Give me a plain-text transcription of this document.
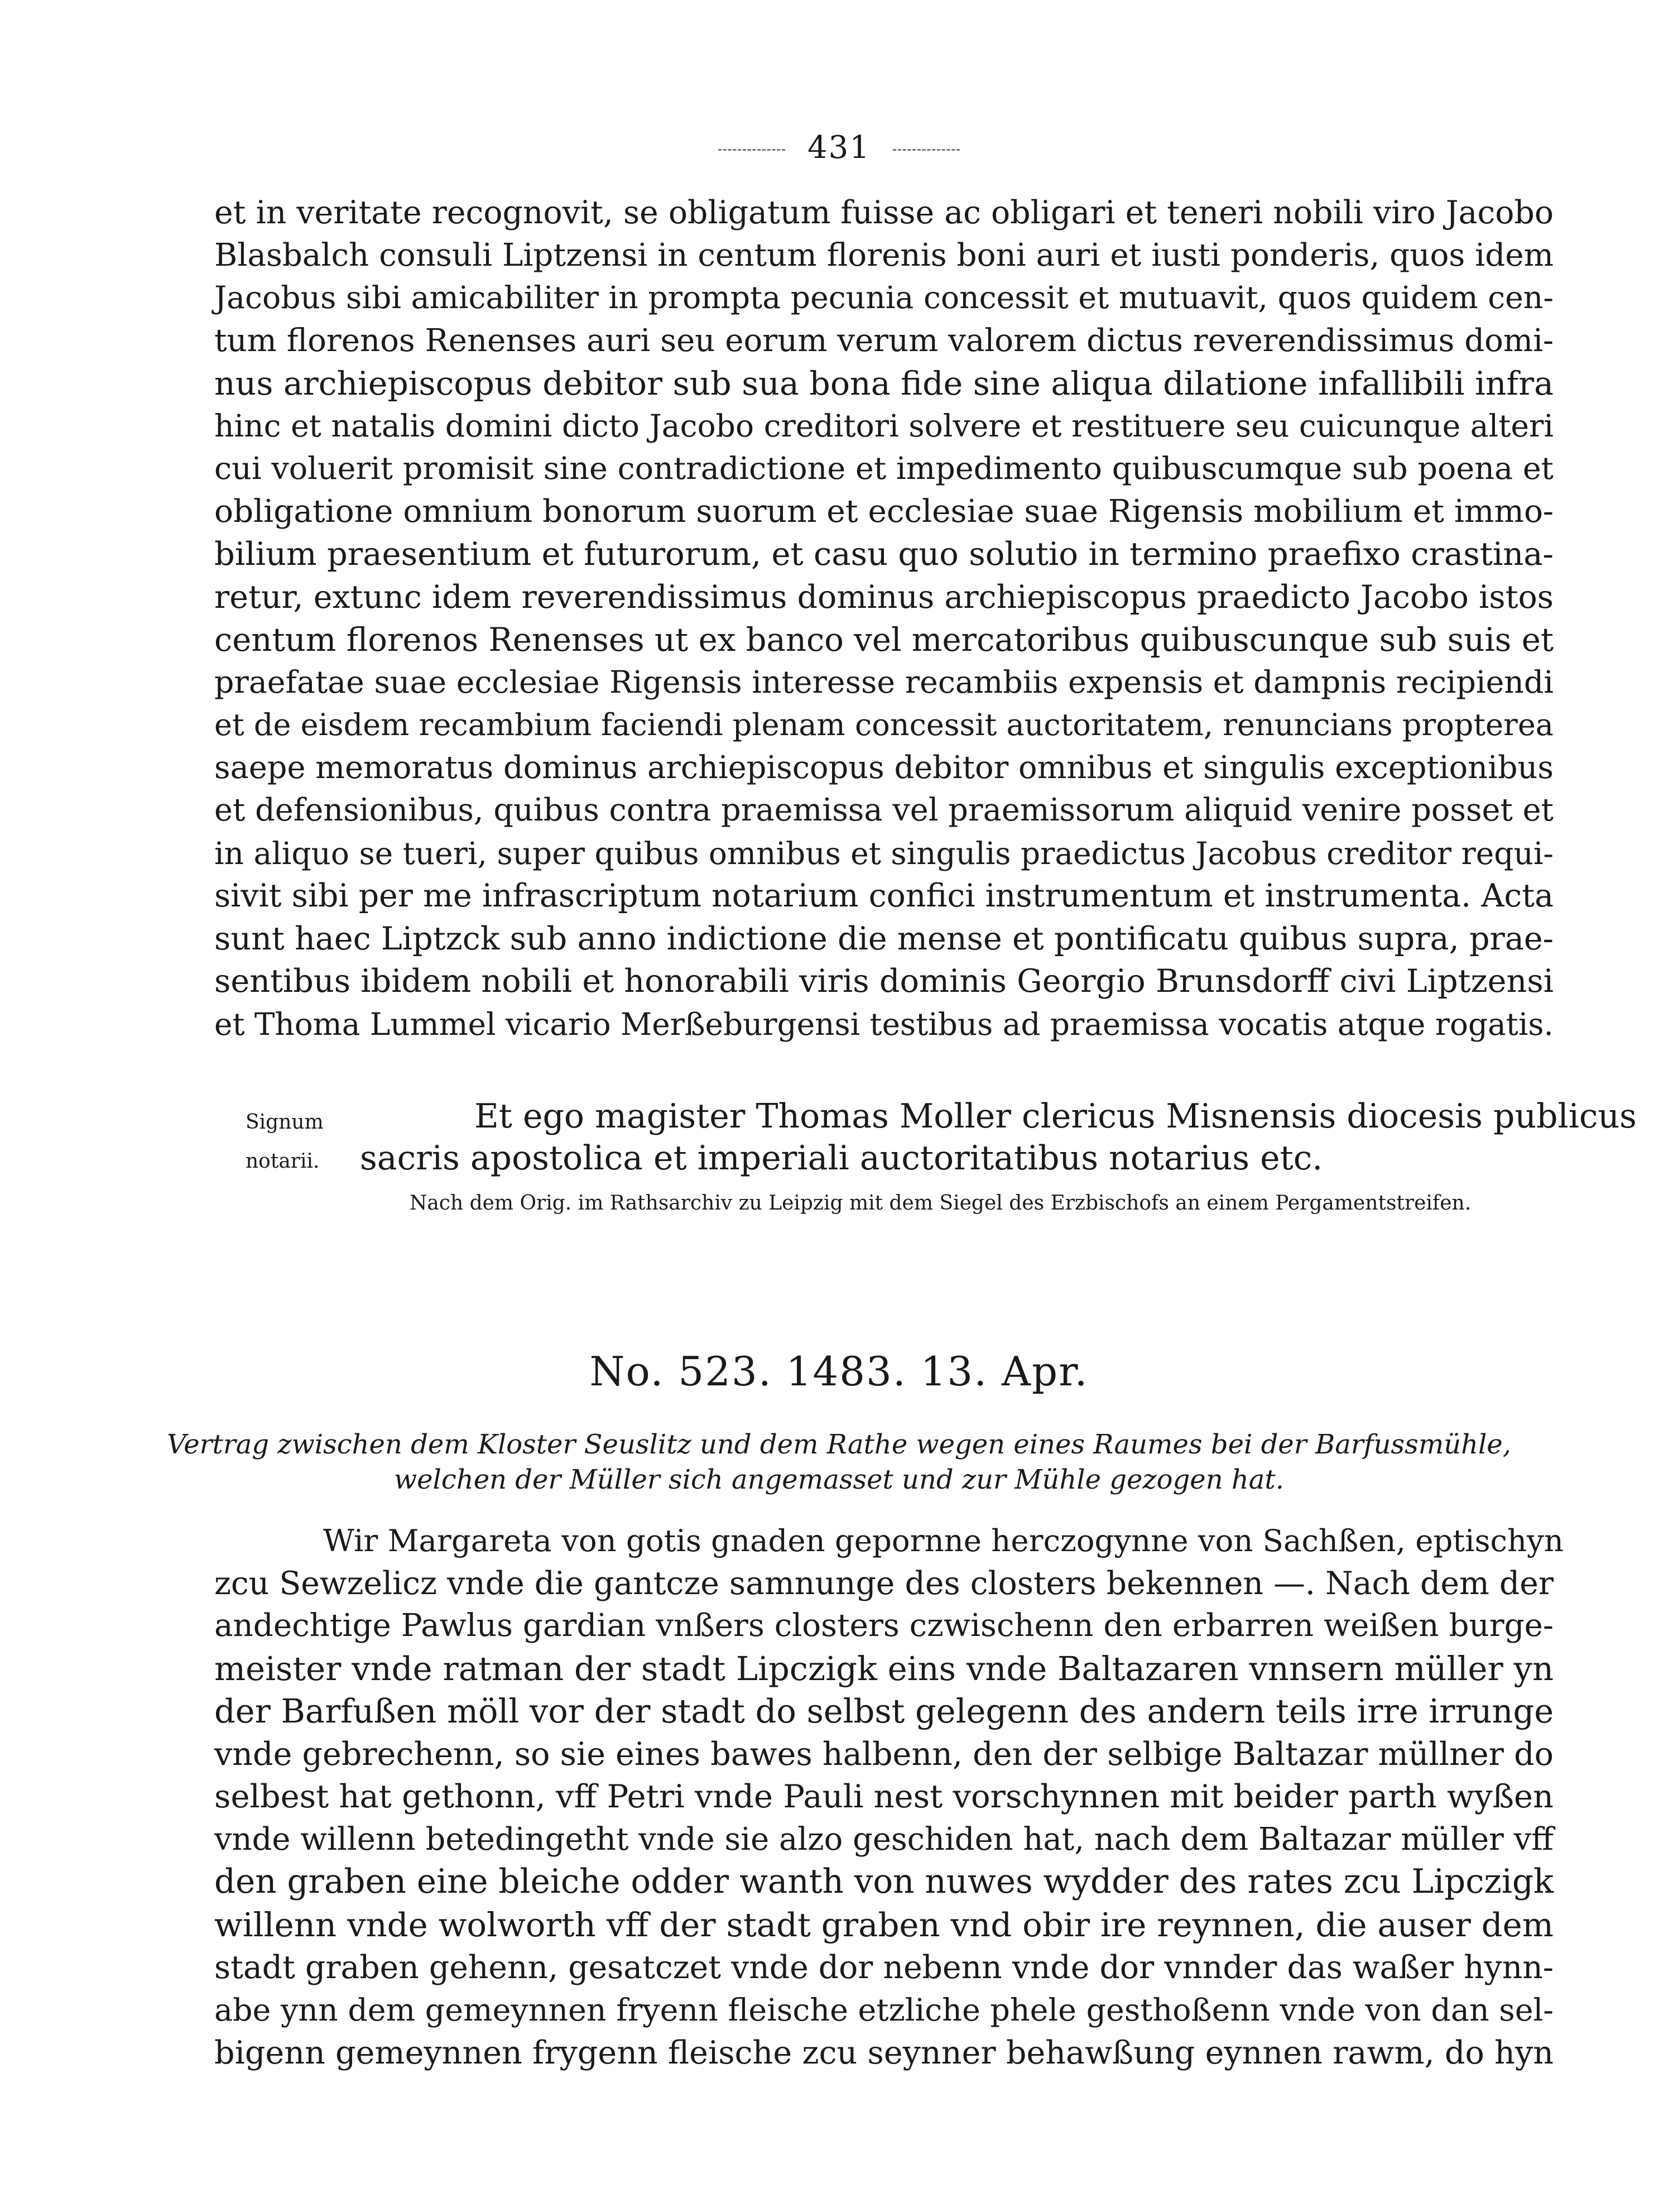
431
et in veritate recognovit, se obligatum fuisse ac obligari et teneri nobili viro Jacobo
Blasbalch consuli Liptzensi in centum florenis boni auri et iusti ponderis, quos idem
Jacobus sibi amicabiliter in prompta pecunia concessit et mutuavit, quos quidem cen-
tum florenos Renenses auri seu eorum verum valorem dictus reverendissimus domi-
nus archiepiscopus debitor sub sua bona fide sine aliqua dilatione infallibili infra
hinc et natalis domini dicto Jacobo creditori solvere et restituere seu cuicunque alteri
cui voluerit promisit sine contradictione et impedimento quibuscumque sub poena et
obligatione omnium bonorum suorum et ecclesiae suae Rigensis mobilium et immo-
bilium praesentium et futurorum, et casu quo solutio in termino praefixo crastina-
retur, extunc idem reverendissimus dominus archiepiscopus praedicto Jacobo istos
centum florenos Renenses ut ex banco vel mercatoribus quibuscunque sub suis et
praefatae suae ecclesiae Rigensis interesse recambiis expensis et dampnis recipiendi
et de eisdem recambium faciendi plenam concessit auctoritatem, renuncians propterea
saepe memoratus dominus archiepiscopus debitor omnibus et singulis exceptionibus
et defensionibus, quibus contra praemissa vel praemissorum aliquid venire posset et
in aliquo se tueri, super quibus omnibus et singulis praedictus Jacobus creditor requi-
sivit sibi per me infrascriptum notarium confici instrumentum et instrumenta. Acta
sunt haec Liptzck sub anno indictione die mense et pontificatu quibus supra, prae-
sentibus ibidem nobili et honorabili viris dominis Georgio Brunsdorff civi Liptzensi
et Thoma Lummel vicario Merßeburgensi testibus ad praemissa vocatis atque rogatis.
Signum	Et ego magister Thomas Moller clericus Misnensis diocesis publicus
notarii. sacris apostolica et imperiali auctoritatibus notarius etc.
Nach dem Orig. im Rathsarchiv zu Leipzig mit dem Siegel des Erzbischofs an einem Pergamentstreifen.
No. 523. 1483. 13. Apr.
Vertrag zwischen dem Kloster Seuslitz und dem Rathe wegen eines Raumes bei der Barfussmühle,
welchen der Müller sich angemasset und zur Mühle gezogen hat.
Wir Margareta von gotis gnaden gepornne herczogynne von Sachßen, eptischyn
zcu Sewzelicz vnde die gantcze samnunge des closters bekennen —. Nach dem der
andechtige Pawlus gardian vnßers closters czwischenn den erbarren weißen burge-
meister vnde ratman der stadt Lipczigk eins vnde Baltazaren vnnsern müller yn
der Barfußen möll vor der stadt do selbst gelegenn des andern teils irre irrunge
vnde gebrechenn, so sie eines bawes halbenn, den der selbige Baltazar müllner do
selbest hat gethonn, vff Petri vnde Pauli nest vorschynnen mit beider parth wyßen
vnde willenn betedingetht vnde sie alzo geschiden hat, nach dem Baltazar müller vff
den graben eine bleiche odder wanth von nuwes wydder des rates zcu Lipczigk
willenn vnde wolworth vff der stadt graben vnd obir ire reynnen, die auser dem
stadt graben gehenn, gesatczet vnde dor nebenn vnde dor vnnder das waßer hynn-
abe ynn dem gemeynnen fryenn fleische etzliche phele gesthoßenn vnde von dan sel-
bigenn gemeynnen frygenn fleische zcu seynner behawßung eynnen rawm, do hyn
